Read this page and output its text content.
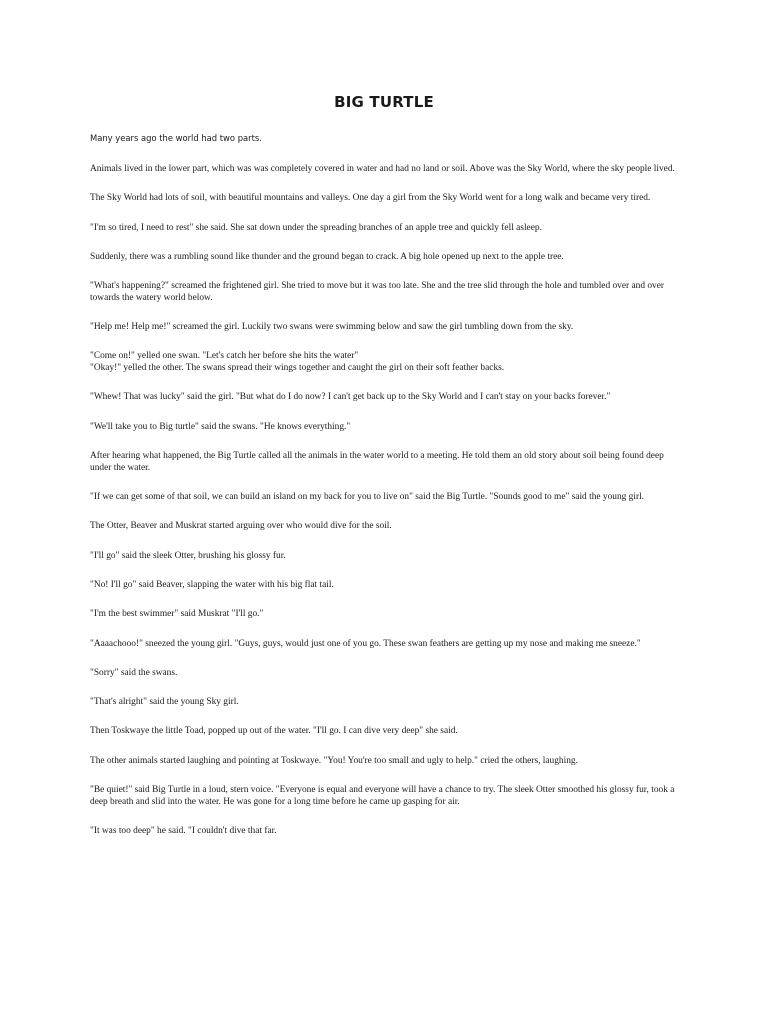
BIG TURTLE

Many years ago the world had two parts.

Animals lived in the lower part, which was was completely covered in water and had no land or soil. Above was the Sky World, where the sky people lived.

The Sky World had lots of soil, with beautiful mountains and valleys. One day a girl from the Sky World went for a long walk and became very tired.

"I'm so tired, I need to rest" she said. She sat down under the spreading branches of an apple tree and quickly fell asleep.

Suddenly, there was a rumbling sound like thunder and the ground began to crack. A big hole opened up next to the apple tree.

"What's happening?" screamed the frightened girl. She tried to move but it was too late. She and the tree slid through the hole and tumbled over and over towards the watery world below.

"Help me! Help me!" screamed the girl. Luckily two swans were swimming below and saw the girl tumbling down from the sky.

"Come on!" yelled one swan. "Let's catch her before she hits the water"
"Okay!" yelled the other. The swans spread their wings together and caught the girl on their soft feather backs.

"Whew! That was lucky" said the girl. "But what do I do now? I can't get back up to the Sky World and I can't stay on your backs forever."

"We'll take you to Big turtle" said the swans. "He knows everything."

After hearing what happened, the Big Turtle called all the animals in the water world to a meeting. He told them an old story about soil being found deep under the water.

"If we can get some of that soil, we can build an island on my back for you to live on" said the Big Turtle. "Sounds good to me" said the young girl.

The Otter, Beaver and Muskrat started arguing over who would dive for the soil.

"I'll go" said the sleek Otter, brushing his glossy fur.

"No! I'll go" said Beaver, slapping the water with his big flat tail.

"I'm the best swimmer" said Muskrat "I'll go."

"Aaaachooo!" sneezed the young girl. "Guys, guys, would just one of you go. These swan feathers are getting up my nose and making me sneeze."

"Sorry" said the swans.

"That's alright" said the young Sky girl.

Then Toskwaye the little Toad, popped up out of the water. "I'll go. I can dive very deep" she said.

The other animals started laughing and pointing at Toskwaye. "You! You're too small and ugly to help." cried the others, laughing.

"Be quiet!" said Big Turtle in a loud, stern voice. "Everyone is equal and everyone will have a chance to try. The sleek Otter smoothed his glossy fur, took a deep breath and slid into the water. He was gone for a long time before he came up gasping for air.

"It was too deep" he said. "I couldn't dive that far.
